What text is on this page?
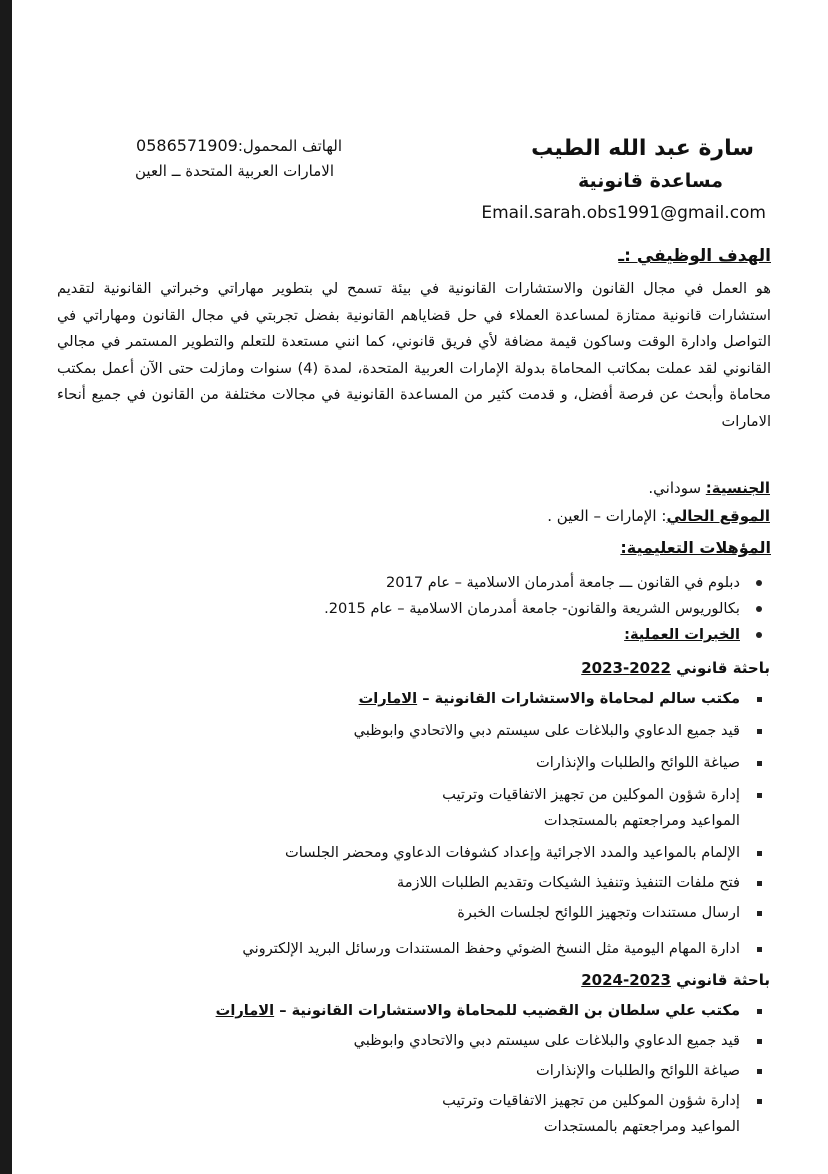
سارة عبد الله الطيب
مساعدة قانونية
Email.sarah.obs1991@gmail.com
الهاتف المحمول:0586571909
الامارات العربية المتحدة ــ العين
الهدف الوظيفي :ـ
هو العمل في مجال القانون والاستشارات القانونية في بيئة تسمح لي بتطوير مهاراتي وخبراتي القانونية لتقديم استشارات قانونية ممتازة لمساعدة العملاء في حل قضاياهم القانونية بفضل تجربتي في مجال القانون ومهاراتي في التواصل وادارة الوقت وساكون قيمة مضافة لأي فريق قانوني، كما انني مستعدة للتعلم والتطوير المستمر في مجالي القانوني لقد عملت بمكاتب المحاماة بدولة الإمارات العربية المتحدة، لمدة (4) سنوات ومازلت حتى الآن أعمل بمكتب محاماة وأبحث عن فرصة أفضل، و قدمت كثير من المساعدة القانونية في مجالات مختلفة من القانون في جميع أنحاء الامارات
الجنسية: سوداني.
الموقع الحالي: الإمارات – العين .
المؤهلات التعليمية:
دبلوم في القانون ـــ جامعة أمدرمان الاسلامية – عام 2017
بكالوريوس الشريعة والقانون- جامعة أمدرمان الاسلامية – عام 2015.
الخبرات العملية:
باحثة قانوني 2022-2023
مكتب سالم لمحاماة والاستشارات القانونية – الامارات
قيد جميع الدعاوي والبلاغات على سيستم دبي والاتحادي وابوظبي
صياغة اللوائح والطلبات والإنذارات
إدارة شؤون الموكلين من تجهيز الاتفاقيات وترتيب المواعيد ومراجعتهم بالمستجدات
الإلمام بالمواعيد والمدد الاجرائية وإعداد كشوفات الدعاوي ومحضر الجلسات
فتح ملفات التنفيذ وتنفيذ الشيكات وتقديم الطلبات اللازمة
ارسال مستندات وتجهيز اللوائح لجلسات الخبرة
ادارة المهام اليومية مثل النسخ الضوئي وحفظ المستندات ورسائل البريد الإلكتروني
باحثة قانوني 2023-2024
مكتب علي سلطان بن القضيب للمحاماة والاستشارات القانونية – الامارات
قيد جميع الدعاوي والبلاغات على سيستم دبي والاتحادي وابوظبي
صياغة اللوائح والطلبات والإنذارات
إدارة شؤون الموكلين من تجهيز الاتفاقيات وترتيب المواعيد ومراجعتهم بالمستجدات
